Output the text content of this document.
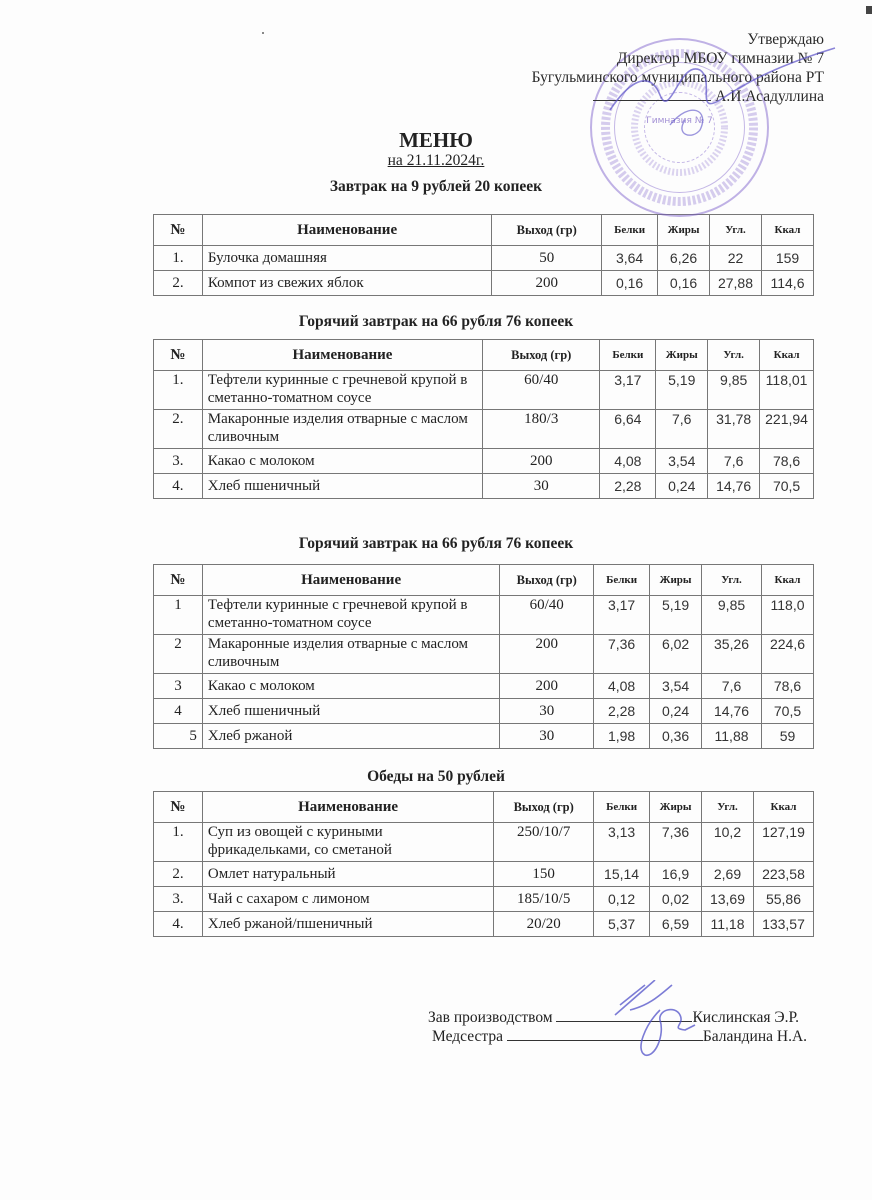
Гимназия № 7
Утверждаю
Директор МБОУ гимназии № 7
Бугульминского муниципального района РТ
А.И.Асадуллина
МЕНЮ
на 21.11.2024г.
Завтрак на 9 рублей 20 копеек
№	Наименование	Выход (гр)	Белки	Жиры	Угл.	Ккал
1.	Булочка домашняя	50	3,64	6,26	22	159
2.	Компот из свежих яблок	200	0,16	0,16	27,88	114,6
Горячий завтрак на 66 рубля 76 копеек
№	Наименование	Выход (гр)	Белки	Жиры	Угл.	Ккал
1.	Тефтели куринные с гречневой крупой в сметанно-томатном соусе	60/40	3,17	5,19	9,85	118,01
2.	Макаронные изделия отварные с маслом сливочным	180/3	6,64	7,6	31,78	221,94
3.	Какао с молоком	200	4,08	3,54	7,6	78,6
4.	Хлеб пшеничный	30	2,28	0,24	14,76	70,5
Горячий завтрак на 66 рубля 76 копеек
№	Наименование	Выход (гр)	Белки	Жиры	Угл.	Ккал
1	Тефтели куринные с гречневой крупой в сметанно-томатном соусе	60/40	3,17	5,19	9,85	118,0
2	Макаронные изделия отварные с маслом сливочным	200	7,36	6,02	35,26	224,6
3	Какао с молоком	200	4,08	3,54	7,6	78,6
4	Хлеб пшеничный	30	2,28	0,24	14,76	70,5
5	Хлеб ржаной	30	1,98	0,36	11,88	59
Обеды на 50 рублей
№	Наименование	Выход (гр)	Белки	Жиры	Угл.	Ккал
1.	Суп из овощей с куриными фрикадельками, со сметаной	250/10/7	3,13	7,36	10,2	127,19
2.	Омлет натуральный	150	15,14	16,9	2,69	223,58
3.	Чай с сахаром с лимоном	185/10/5	0,12	0,02	13,69	55,86
4.	Хлеб ржаной/пшеничный	20/20	5,37	6,59	11,18	133,57
Зав производством	Кислинская Э.Р.
Медсестра	Баландина Н.А.
